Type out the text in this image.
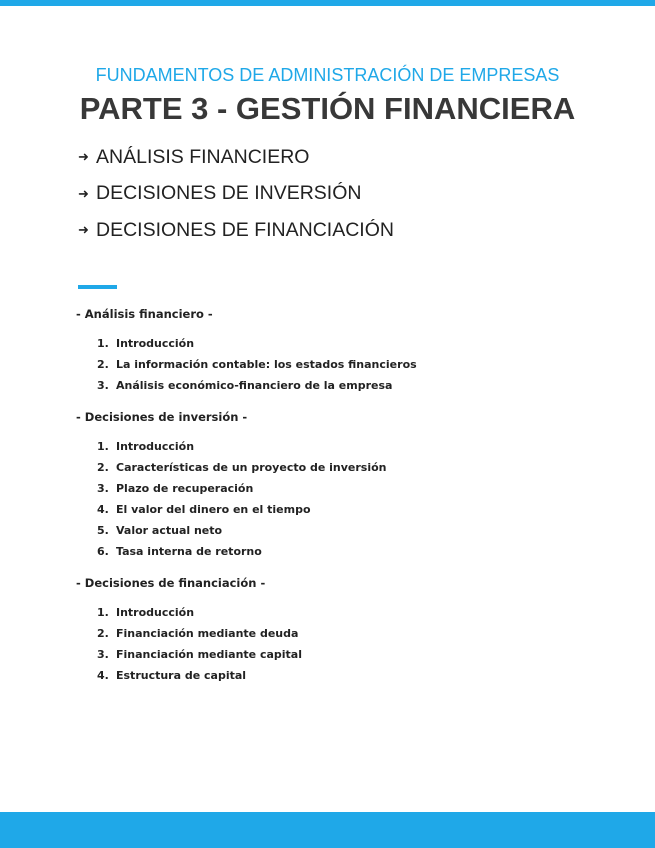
FUNDAMENTOS DE ADMINISTRACIÓN DE EMPRESAS
PARTE 3 - GESTIÓN FINANCIERA
➜ ANÁLISIS FINANCIERO
➜ DECISIONES DE INVERSIÓN
➜ DECISIONES DE FINANCIACIÓN

- Análisis financiero -

1. Introducción
2. La información contable: los estados financieros
3. Análisis económico-financiero de la empresa

- Decisiones de inversión -

1. Introducción
2. Características de un proyecto de inversión
3. Plazo de recuperación
4. El valor del dinero en el tiempo
5. Valor actual neto
6. Tasa interna de retorno

- Decisiones de financiación -

1. Introducción
2. Financiación mediante deuda
3. Financiación mediante capital
4. Estructura de capital
